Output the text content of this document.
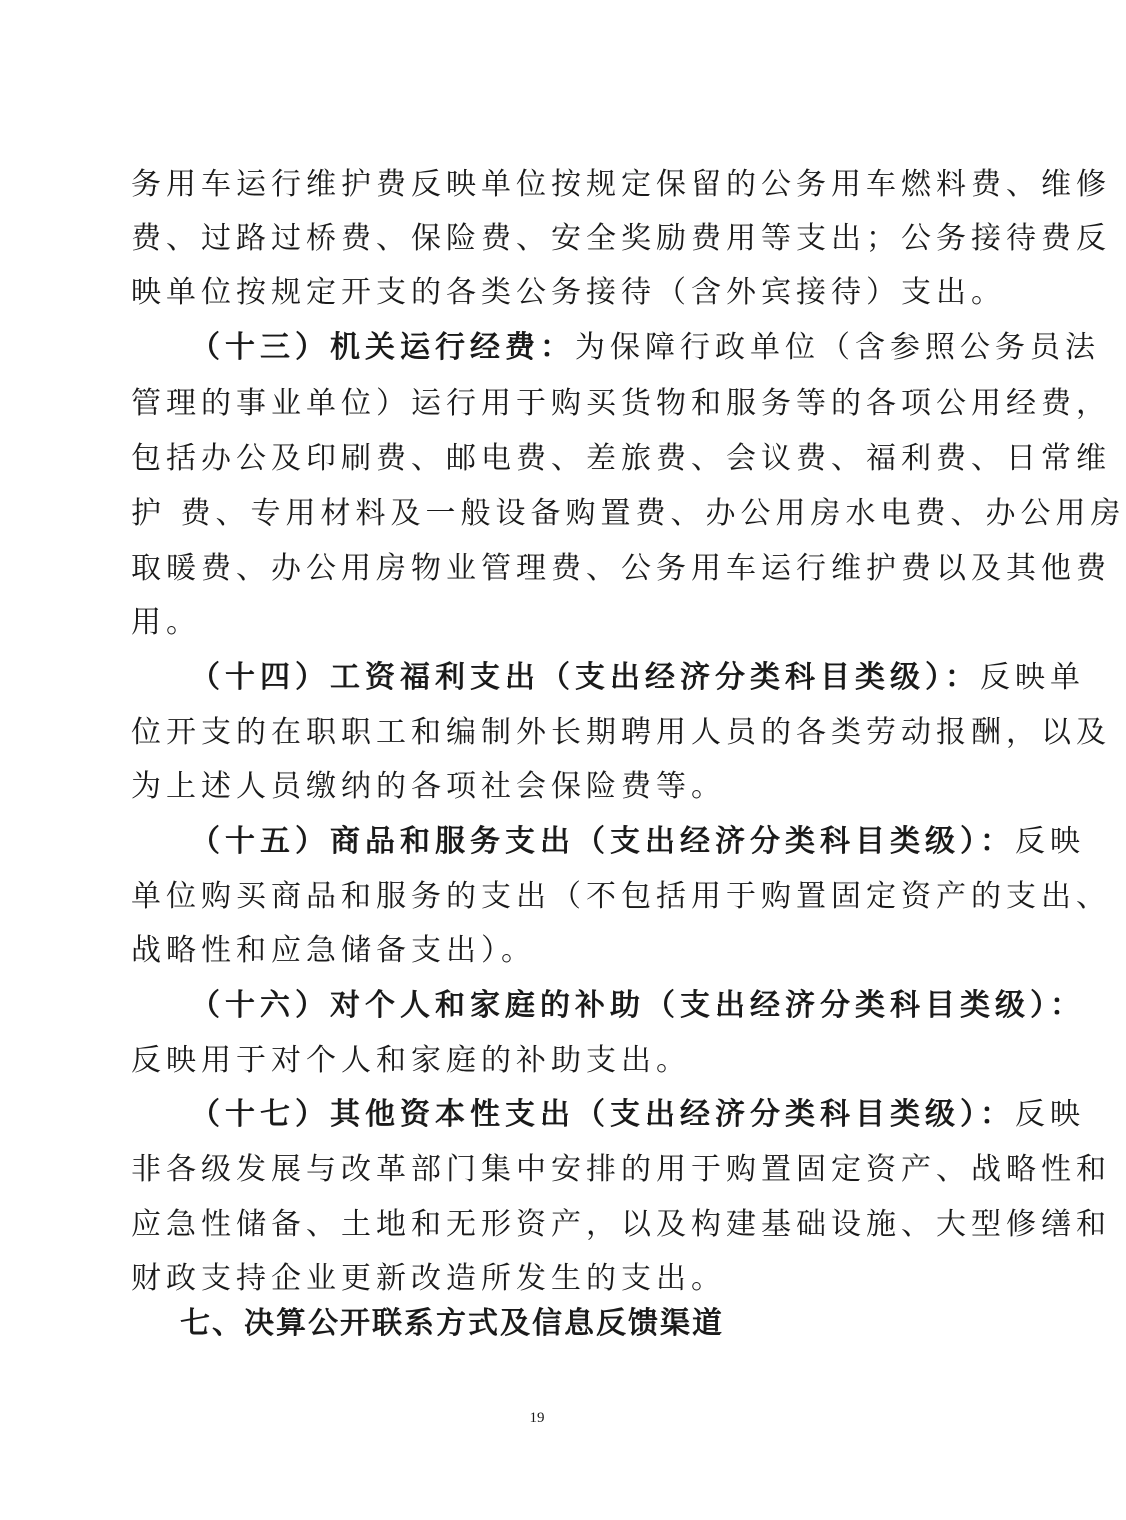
务用车运行维护费反映单位按规定保留的公务用车燃料费、维修
费、过路过桥费、保险费、安全奖励费用等支出；公务接待费反
映单位按规定开支的各类公务接待（含外宾接待）支出。
（十三）机关运行经费：为保障行政单位（含参照公务员法
管理的事业单位）运行用于购买货物和服务等的各项公用经费，
包括办公及印刷费、邮电费、差旅费、会议费、福利费、日常维
护 费、专用材料及一般设备购置费、办公用房水电费、办公用房
取暖费、办公用房物业管理费、公务用车运行维护费以及其他费
用。
（十四）工资福利支出（支出经济分类科目类级）：反映单
位开支的在职职工和编制外长期聘用人员的各类劳动报酬，以及
为上述人员缴纳的各项社会保险费等。
（十五）商品和服务支出（支出经济分类科目类级）：反映
单位购买商品和服务的支出（不包括用于购置固定资产的支出、
战略性和应急储备支出）。
（十六）对个人和家庭的补助（支出经济分类科目类级）：
反映用于对个人和家庭的补助支出。
（十七）其他资本性支出（支出经济分类科目类级）：反映
非各级发展与改革部门集中安排的用于购置固定资产、战略性和
应急性储备、土地和无形资产，以及构建基础设施、大型修缮和
财政支持企业更新改造所发生的支出。
七、决算公开联系方式及信息反馈渠道
19
